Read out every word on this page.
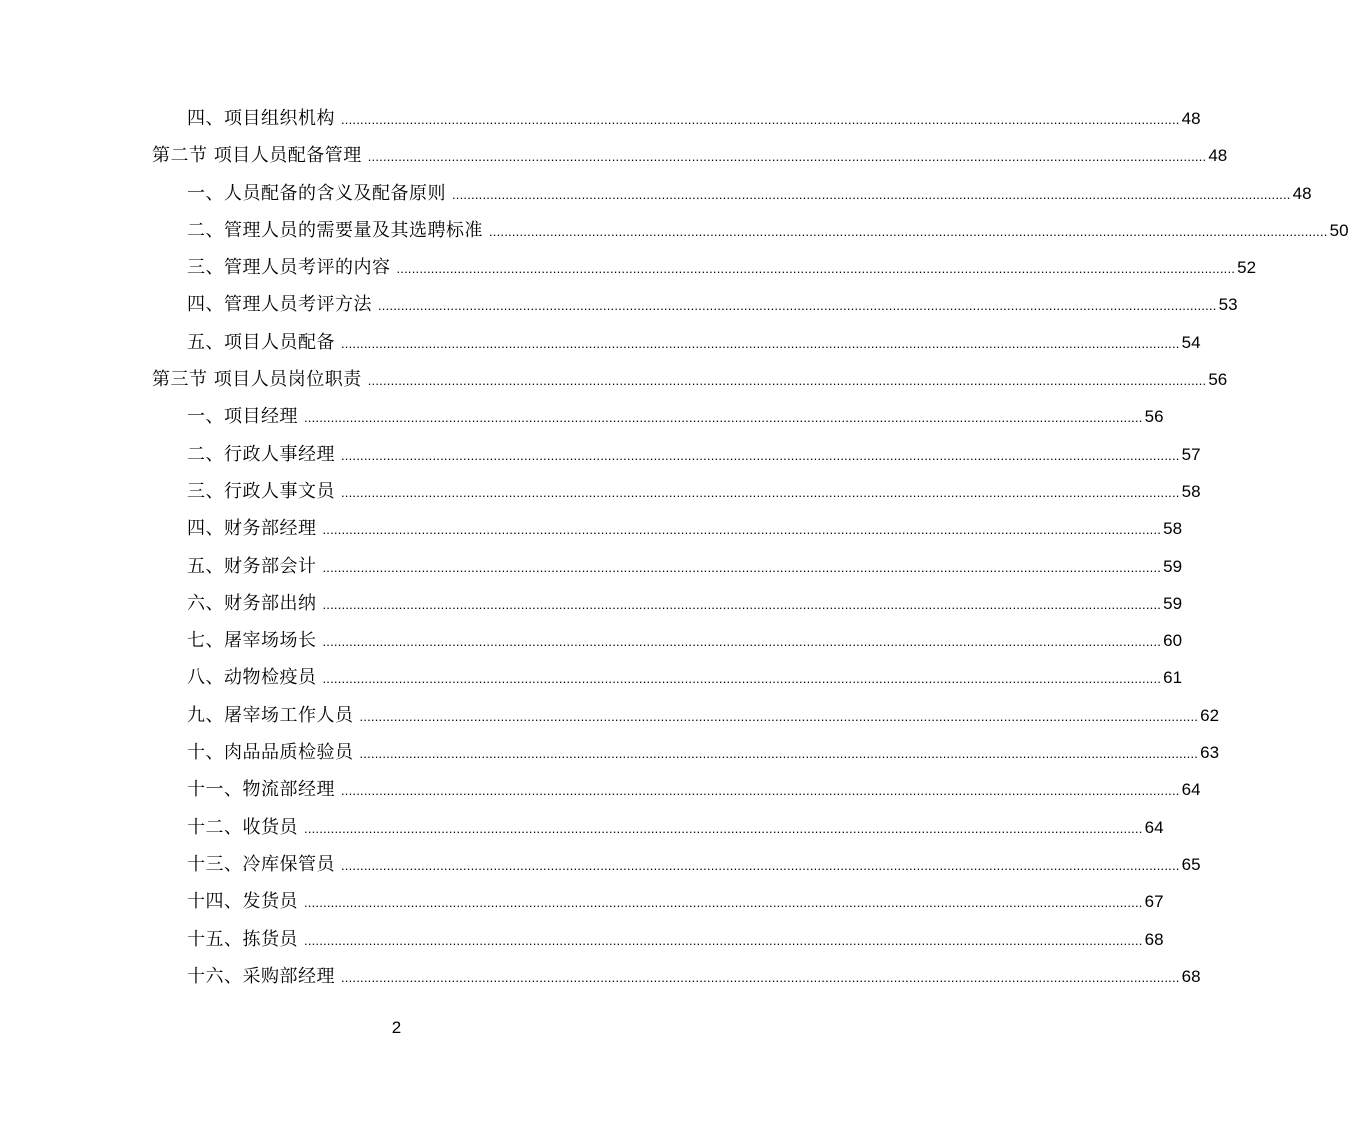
四、项目组织机构 ............................................................................................................................................................................................................................ 48
第二节 项目人员配备管理 ............................................................................................................................................................................................................................ 48
一、人员配备的含义及配备原则 ............................................................................................................................................................................................................................ 48
二、管理人员的需要量及其选聘标准 ............................................................................................................................................................................................................................ 50
三、管理人员考评的内容 ............................................................................................................................................................................................................................ 52
四、管理人员考评方法 ............................................................................................................................................................................................................................ 53
五、项目人员配备 ............................................................................................................................................................................................................................ 54
第三节 项目人员岗位职责 ............................................................................................................................................................................................................................ 56
一、项目经理 ............................................................................................................................................................................................................................ 56
二、行政人事经理 ............................................................................................................................................................................................................................ 57
三、行政人事文员 ............................................................................................................................................................................................................................ 58
四、财务部经理 ............................................................................................................................................................................................................................ 58
五、财务部会计 ............................................................................................................................................................................................................................ 59
六、财务部出纳 ............................................................................................................................................................................................................................ 59
七、屠宰场场长 ............................................................................................................................................................................................................................ 60
八、动物检疫员 ............................................................................................................................................................................................................................ 61
九、屠宰场工作人员 ............................................................................................................................................................................................................................ 62
十、肉品品质检验员 ............................................................................................................................................................................................................................ 63
十一、物流部经理 ............................................................................................................................................................................................................................ 64
十二、收货员 ............................................................................................................................................................................................................................ 64
十三、冷库保管员 ............................................................................................................................................................................................................................ 65
十四、发货员 ............................................................................................................................................................................................................................ 67
十五、拣货员 ............................................................................................................................................................................................................................ 68
十六、采购部经理 ............................................................................................................................................................................................................................ 68
2
